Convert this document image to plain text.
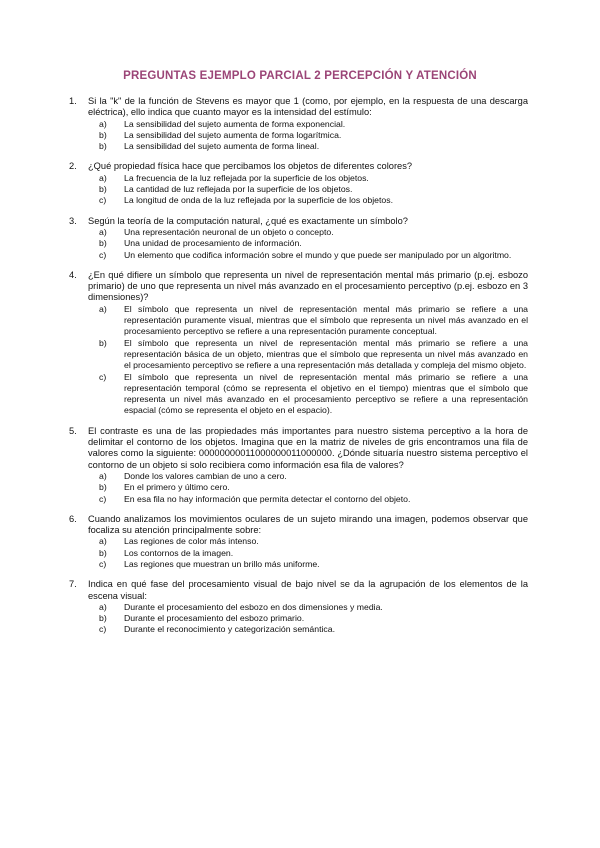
PREGUNTAS EJEMPLO PARCIAL 2 PERCEPCIÓN Y ATENCIÓN
1. Si la "k" de la función de Stevens es mayor que 1 (como, por ejemplo, en la respuesta de una descarga eléctrica), ello indica que cuanto mayor es la intensidad del estímulo:

a) La sensibilidad del sujeto aumenta de forma exponencial.
b) La sensibilidad del sujeto aumenta de forma logarítmica.
b) La sensibilidad del sujeto aumenta de forma lineal.
2. ¿Qué propiedad física hace que percibamos los objetos de diferentes colores?

a) La frecuencia de la luz reflejada por la superficie de los objetos.
b) La cantidad de luz reflejada por la superficie de los objetos.
c) La longitud de onda de la luz reflejada por la superficie de los objetos.
3. Según la teoría de la computación natural, ¿qué es exactamente un símbolo?

a) Una representación neuronal de un objeto o concepto.
b) Una unidad de procesamiento de información.
c) Un elemento que codifica información sobre el mundo y que puede ser manipulado por un algoritmo.
4. ¿En qué difiere un símbolo que representa un nivel de representación mental más primario (p.ej. esbozo primario) de uno que representa un nivel más avanzado en el procesamiento perceptivo (p.ej. esbozo en 3 dimensiones)?

a) El símbolo que representa un nivel de representación mental más primario se refiere a una representación puramente visual, mientras que el símbolo que representa un nivel más avanzado en el procesamiento perceptivo se refiere a una representación puramente conceptual.
b) El símbolo que representa un nivel de representación mental más primario se refiere a una representación básica de un objeto, mientras que el símbolo que representa un nivel más avanzado en el procesamiento perceptivo se refiere a una representación más detallada y compleja del mismo objeto.
c) El símbolo que representa un nivel de representación mental más primario se refiere a una representación temporal (cómo se representa el objetivo en el tiempo) mientras que el símbolo que representa un nivel más avanzado en el procesamiento perceptivo se refiere a una representación espacial (cómo se representa el objeto en el espacio).
5. El contraste es una de las propiedades más importantes para nuestro sistema perceptivo a la hora de delimitar el contorno de los objetos. Imagina que en la matriz de niveles de gris encontramos una fila de valores como la siguiente: 00000000011000000011000000. ¿Dónde situaría nuestro sistema perceptivo el contorno de un objeto si solo recibiera como información esa fila de valores?

a) Donde los valores cambian de uno a cero.
b) En el primero y último cero.
c) En esa fila no hay información que permita detectar el contorno del objeto.
6. Cuando analizamos los movimientos oculares de un sujeto mirando una imagen, podemos observar que focaliza su atención principalmente sobre:

a) Las regiones de color más intenso.
b) Los contornos de la imagen.
c) Las regiones que muestran un brillo más uniforme.
7. Indica en qué fase del procesamiento visual de bajo nivel se da la agrupación de los elementos de la escena visual:

a) Durante el procesamiento del esbozo en dos dimensiones y media.
b) Durante el procesamiento del esbozo primario.
c) Durante el reconocimiento y categorización semántica.
